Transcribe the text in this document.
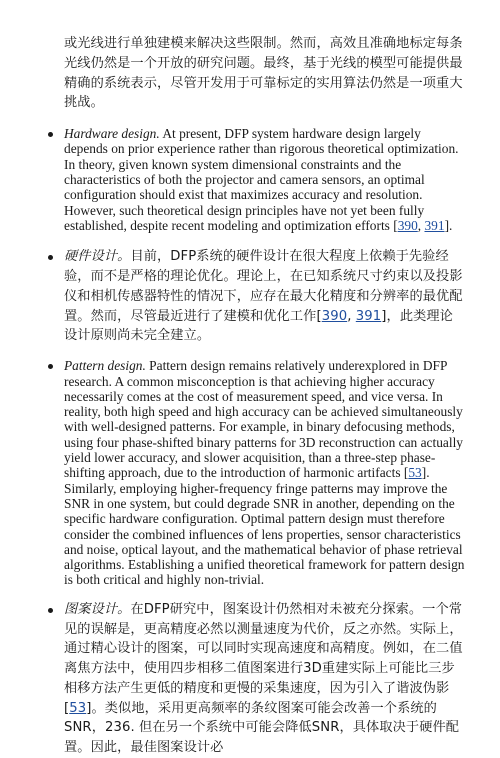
或光线进行单独建模来解决这些限制。然而，高效且准确地标定每条光线仍然是一个开放的研究问题。最终，基于光线的模型可能提供最精确的系统表示，尽管开发用于可靠标定的实用算法仍然是一项重大挑战。

Hardware design. At present, DFP system hardware design largely depends on prior experience rather than rigorous theoretical optimization. In theory, given known system dimensional constraints and the characteristics of both the projector and camera sensors, an optimal configuration should exist that maximizes accuracy and resolution. However, such theoretical design principles have not yet been fully established, despite recent modeling and optimization efforts [390, 391].
硬件设计。目前，DFP系统的硬件设计在很大程度上依赖于先验经验，而不是严格的理论优化。理论上，在已知系统尺寸约束以及投影仪和相机传感器特性的情况下，应存在最大化精度和分辨率的最优配置。然而，尽管最近进行了建模和优化工作[390, 391]，此类理论设计原则尚未完全建立。
Pattern design. Pattern design remains relatively underexplored in DFP research. A common misconception is that achieving higher accuracy necessarily comes at the cost of measurement speed, and vice versa. In reality, both high speed and high accuracy can be achieved simultaneously with well-designed patterns. For example, in binary defocusing methods, using four phase-shifted binary patterns for 3D reconstruction can actually yield lower accuracy, and slower acquisition, than a three-step phase-shifting approach, due to the introduction of harmonic artifacts [53]. Similarly, employing higher-frequency fringe patterns may improve the SNR in one system, but could degrade SNR in another, depending on the specific hardware configuration. Optimal pattern design must therefore consider the combined influences of lens properties, sensor characteristics and noise, optical layout, and the mathematical behavior of phase retrieval algorithms. Establishing a unified theoretical framework for pattern design is both critical and highly non-trivial.
图案设计。在DFP研究中，图案设计仍然相对未被充分探索。一个常见的误解是，更高精度必然以测量速度为代价，反之亦然。实际上，通过精心设计的图案，可以同时实现高速度和高精度。例如，在二值离焦方法中，使用四步相移二值图案进行3D重建实际上可能比三步相移方法产生更低的精度和更慢的采集速度，因为引入了谐波伪影[53]。类似地，采用更高频率的条纹图案可能会改善一个系统的SNR，236. 但在另一个系统中可能会降低SNR，具体取决于硬件配置。因此，最佳图案设计必
